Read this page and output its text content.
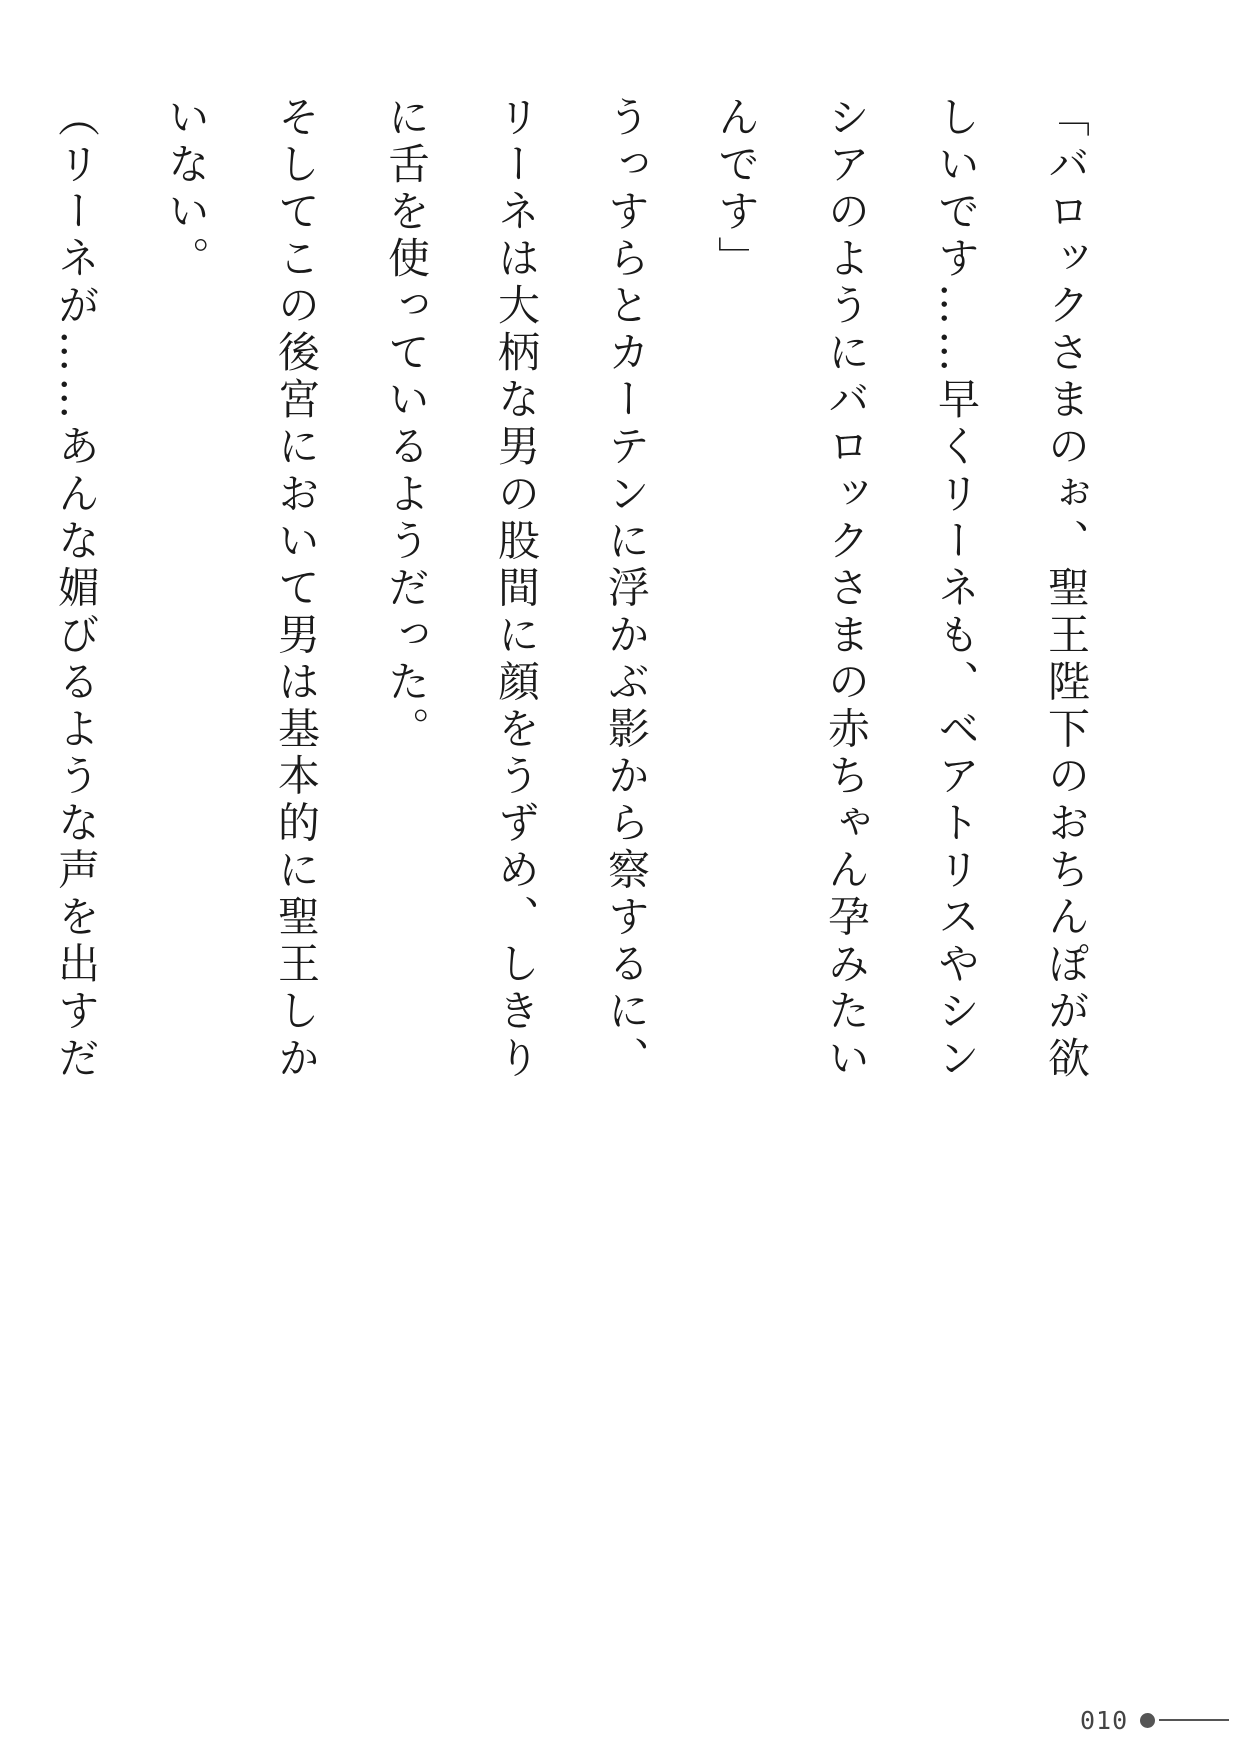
「バロックさまのぉ、聖王陛下のおちんぽが欲しいです……早くリーネも、ベアトリスやシンシアのようにバロックさまの赤ちゃん孕みたいんです」
うっすらとカーテンに浮かぶ影から察するに、リーネは大柄な男の股間に顔をうずめ、しきりに舌を使っているようだった。
そしてこの後宮において男は基本的に聖王しかいない。
（リーネが……あんな媚びるような声を出すだ
010
